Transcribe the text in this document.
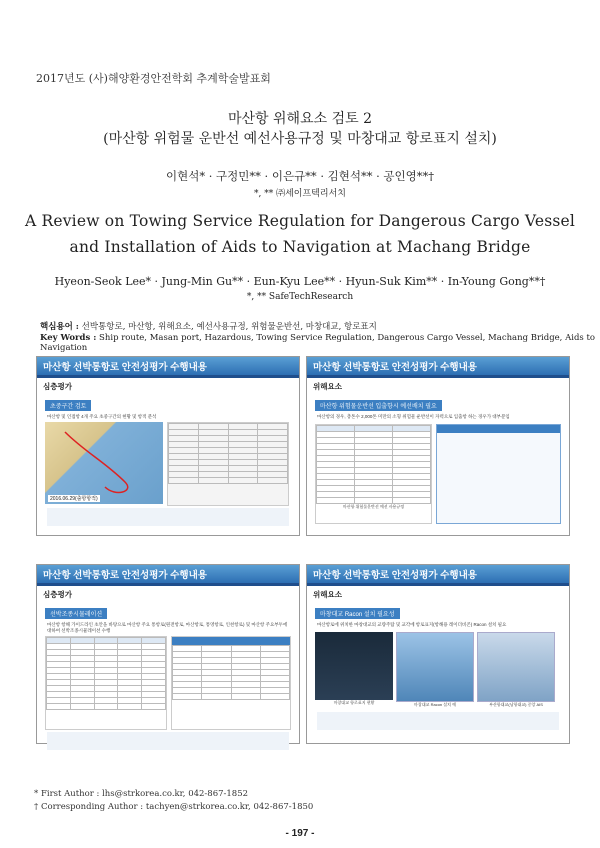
2017년도 (사)해양환경안전학회 추계학술발표회
마산항 위해요소 검토 2
(마산항 위험물 운반선 예선사용규정 및 마창대교 항로표지 설치)
이현석* · 구정민** · 이은규** · 김현석** · 공인영**†
*, ** ㈜세이프텍리서치
A Review on Towing Service Regulation for Dangerous Cargo Vessel
and Installation of Aids to Navigation at Machang Bridge
Hyeon-Seok Lee* · Jung-Min Gu** · Eun-Kyu Lee** · Hyun-Suk Kim** · In-Young Gong**†
*, ** SafeTechResearch
핵심용어 : 선박통항로, 마산항, 위해요소, 예선사용규정, 위험물운반선, 마창대교, 항로표지
Key Words : Ship route, Masan port, Hazardous, Towing Service Regulation, Dangerous Cargo Vessel, Machang Bridge, Aids to Navigation
마산항 선박통항로 안전성평가 수행내용
심층평가
초중구간 검토
마산항 및 인접항 4개 주요 초중구간의 현황 및 항적 분석
2016.06.29(출항항적)

마산항 선박통항로 안전성평가 수행내용
위해요소
마산항 위험물운반선 입출항시 예선배치 필요
마산항의 경우, 총톤수 2,000톤 미만의 소형 위험물 운반선이 자력으로 입출항 하는 경우가 대부분임

마산항 위험물운반선 예선 사용규정
마산항 선박통항로 안전성평가 수행내용
심층평가
선박조종시뮬레이션
마산항 항해 가이드라인 초안을 바탕으로 마산항 주요 통항로(원전항로, 마산항로, 통영항로, 인천항로) 및 마산항 주요부두에 대하여 선박조종시뮬레이션 수행

마산항 선박통항로 안전성평가 수행내용
위해요소
마창대교 Racon 설치 필요성
마산항로에 위치한 마창대교의 교량주탑 및 교각에 항로표지(항해용 레이더비콘) Racon 설치 필요
마창대교 항로표지 현황	마창대교 Racon 설치 예	부산항대교(남항대교) 중앙 AIS
* First Author : lhs@strkorea.co.kr, 042-867-1852
† Corresponding Author : tachyen@strkorea.co.kr, 042-867-1850
- 197 -
